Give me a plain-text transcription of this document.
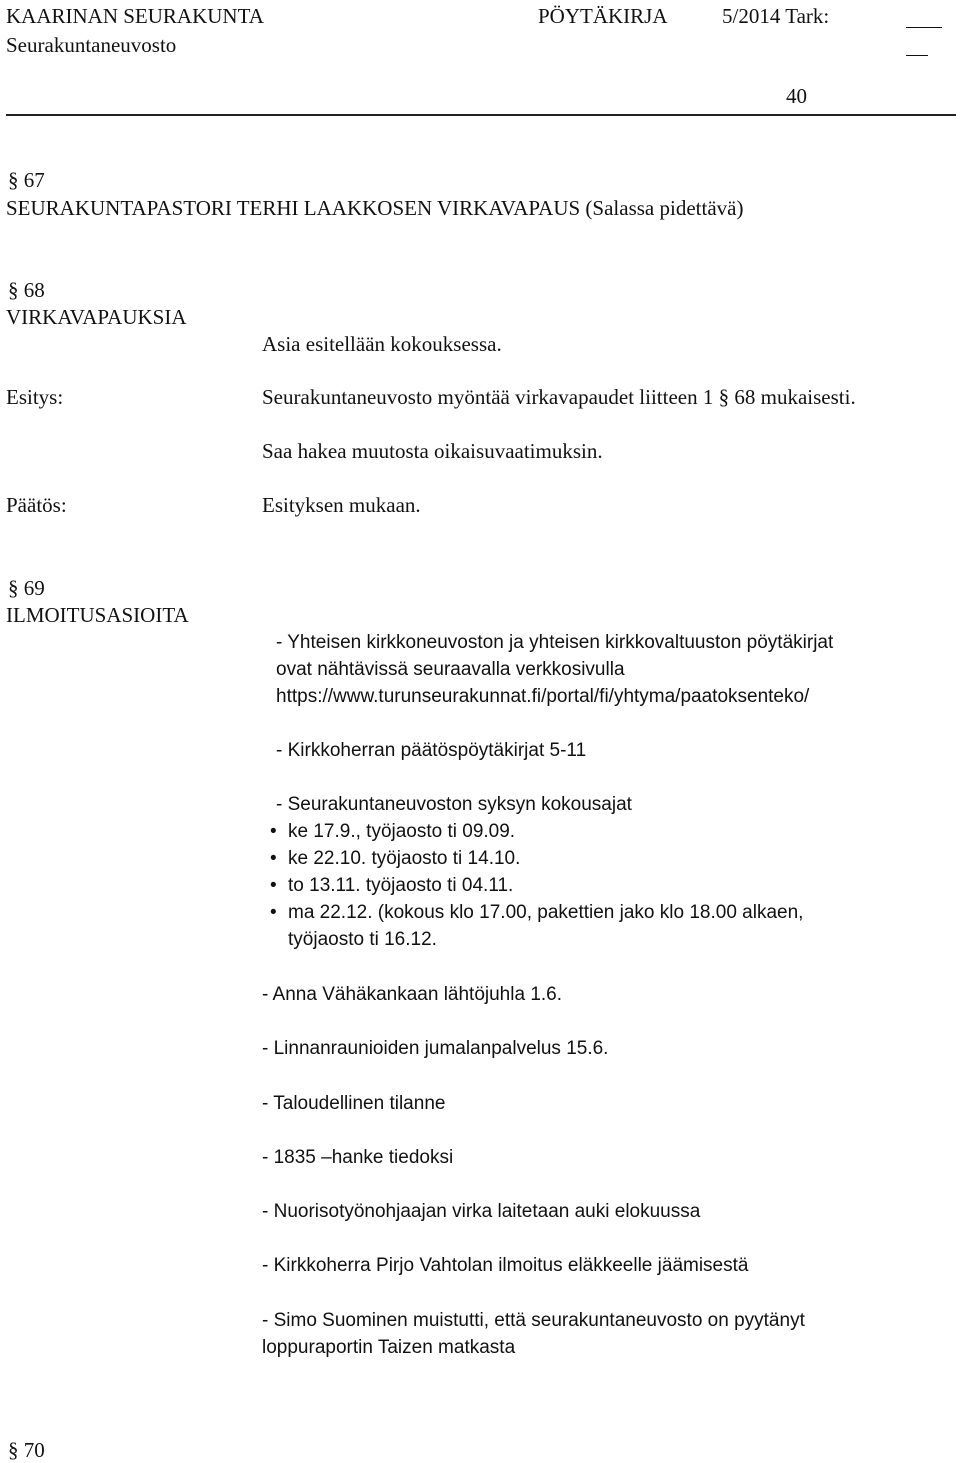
KAARINAN SEURAKUNTA	PÖYTÄKIRJA	5/2014 Tark:
Seurakuntaneuvosto
40
§ 67
SEURAKUNTAPASTORI TERHI LAAKKOSEN VIRKAVAPAUS (Salassa pidettävä)
§ 68
VIRKAVAPAUKSIA
Asia esitellään kokouksessa.
Esitys:	Seurakuntaneuvosto myöntää virkavapaudet liitteen 1 § 68 mukaisesti.
Saa hakea muutosta oikaisuvaatimuksin.
Päätös:	Esityksen mukaan.
§ 69
ILMOITUSASIOITA
- Yhteisen kirkkoneuvoston ja yhteisen kirkkovaltuuston pöytäkirjat
ovat nähtävissä seuraavalla verkkosivulla
https://www.turunseurakunnat.fi/portal/fi/yhtyma/paatoksenteko/
- Kirkkoherran päätöspöytäkirjat 5-11
- Seurakuntaneuvoston syksyn kokousajat
• ke 17.9., työjaosto ti 09.09.
• ke 22.10. työjaosto ti 14.10.
• to 13.11. työjaosto ti 04.11.
• ma 22.12. (kokous klo 17.00, pakettien jako klo 18.00 alkaen,
työjaosto ti 16.12.
- Anna Vähäkankaan lähtöjuhla 1.6.
- Linnanraunioiden jumalanpalvelus 15.6.
- Taloudellinen tilanne
- 1835 –hanke tiedoksi
- Nuorisotyönohjaajan virka laitetaan auki elokuussa
- Kirkkoherra Pirjo Vahtolan ilmoitus eläkkeelle jäämisestä
- Simo Suominen muistutti, että seurakuntaneuvosto on pyytänyt
loppuraportin Taizen matkasta
§ 70
